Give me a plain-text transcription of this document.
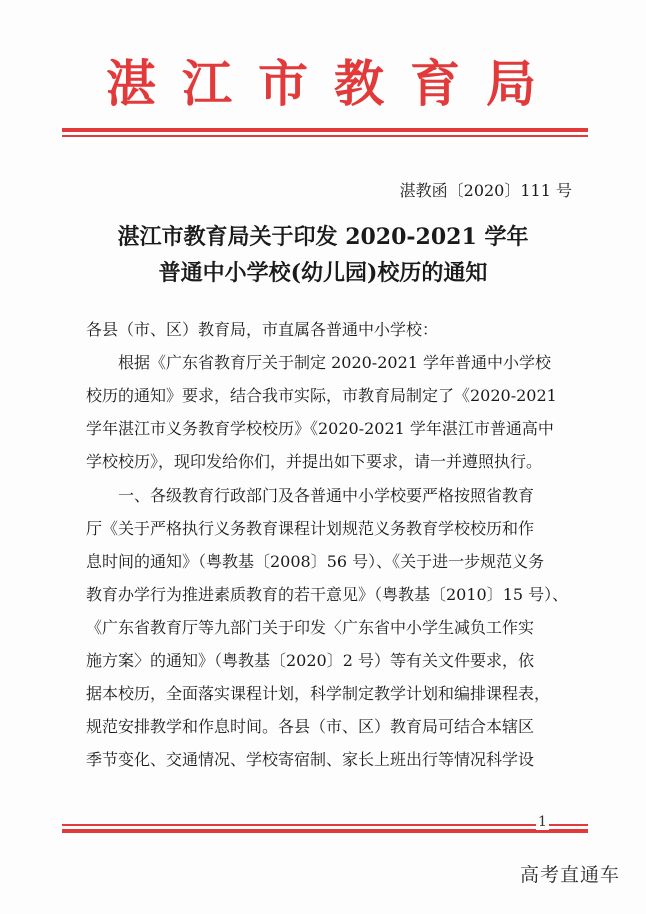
湛江市教育局
湛教函〔2020〕111 号
湛江市教育局关于印发 2020-2021 学年
普通中小学校(幼儿园)校历的通知
各县（市、区）教育局，市直属各普通中小学校：
根据《广东省教育厅关于制定 2020-2021 学年普通中小学校
校历的通知》要求，结合我市实际，市教育局制定了《2020-2021
学年湛江市义务教育学校校历》《2020-2021 学年湛江市普通高中
学校校历》，现印发给你们，并提出如下要求，请一并遵照执行。
一、各级教育行政部门及各普通中小学校要严格按照省教育
厅《关于严格执行义务教育课程计划规范义务教育学校校历和作
息时间的通知》（粤教基〔2008〕56 号）、《关于进一步规范义务
教育办学行为推进素质教育的若干意见》（粤教基〔2010〕15 号）、
《广东省教育厅等九部门关于印发〈广东省中小学生减负工作实
施方案〉的通知》（粤教基〔2020〕2 号）等有关文件要求，依
据本校历，全面落实课程计划，科学制定教学计划和编排课程表，
规范安排教学和作息时间。各县（市、区）教育局可结合本辖区
季节变化、交通情况、学校寄宿制、家长上班出行等情况科学设
1
高考直通车
